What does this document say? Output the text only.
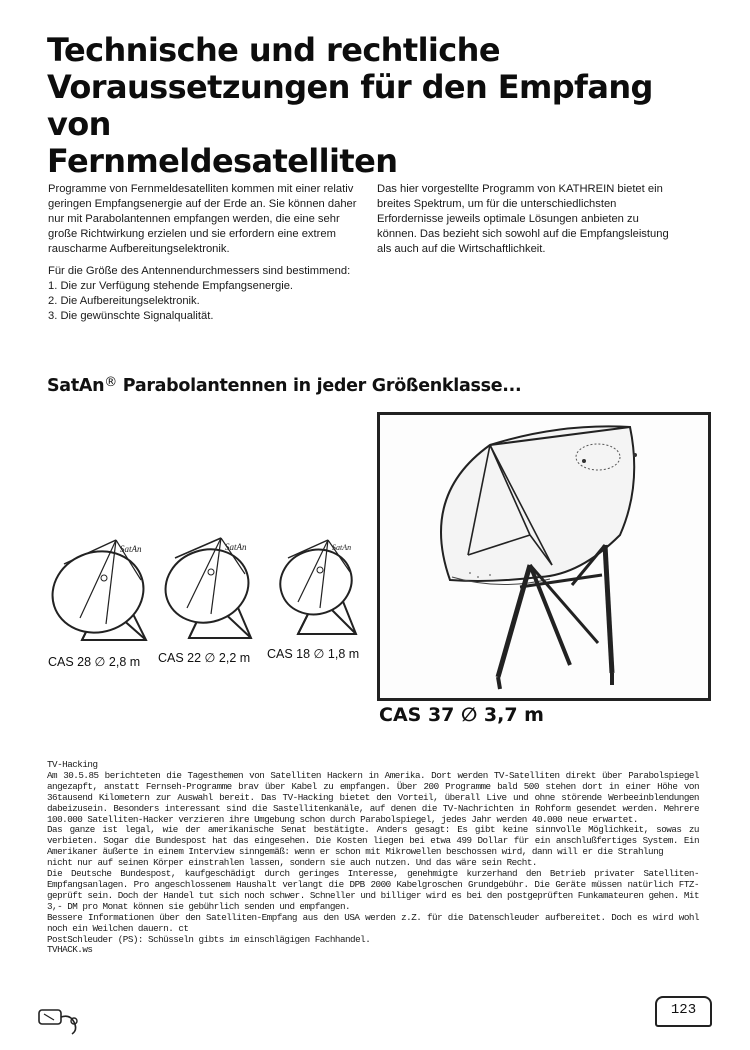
Technische und rechtliche
Voraussetzungen für den Empfang von
Fernmeldesatelliten

Programme von Fernmeldesatelliten kommen mit einer relativ geringen Empfangsenergie auf der Erde an. Sie können daher nur mit Parabolantennen empfangen werden, die eine sehr große Richtwirkung erzielen und sie erfordern eine extrem rauscharme Aufbereitungselektronik.

Für die Größe des Antennendurchmessers sind bestimmend:

1. Die zur Verfügung stehende Empfangsenergie.
2. Die Aufbereitungselektronik.
3. Die gewünschte Signalqualität.

Das hier vorgestellte Programm von KATHREIN bietet ein breites Spektrum, um für die unterschiedlichsten Erfordernisse jeweils optimale Lösungen anbieten zu können. Das bezieht sich sowohl auf die Empfangsleistung als auch auf die Wirtschaftlichkeit.

SatAn® Parabolantennen in jeder Größenklasse...
SatAn	SatAn	SatAn
CAS 28 ∅ 2,8 m CAS 22 ∅ 2,2 m CAS 18 ∅ 1,8 m
CAS 37 ∅ 3,7 m
TV-Hacking
Am 30.5.85 berichteten die Tagesthemen von Satelliten Hackern in Amerika. Dort werden TV-Satelliten direkt über Parabolspiegel angezapft, anstatt Fernseh-Programme brav über Kabel zu empfangen. Über 200 Programme bald 500 stehen dort in einer Höhe von 36tausend Kilometern zur Auswahl bereit. Das TV-Hacking bietet den Vorteil, überall Live und ohne störende Werbeeinblendungen dabeizusein. Besonders interessant sind die Sastellitenkanäle, auf denen die TV-Nachrichten in Rohform gesendet werden. Mehrere 100.000 Satelliten-Hacker verzieren ihre Umgebung schon durch Parabolspiegel, jedes Jahr werden 40.000 neue erwartet.
Das ganze ist legal, wie der amerikanische Senat bestätigte. Anders gesagt: Es gibt keine sinnvolle Möglichkeit, sowas zu verbieten. Sogar die Bundespost hat das eingesehen. Die Kosten liegen bei etwa 499 Dollar für ein anschlußfertiges System. Ein Amerikaner äußerte in einem Interview sinngemäß: wenn er schon mit Mikrowellen beschossen wird, dann will er die Strahlung
nicht nur auf seinen Körper einstrahlen lassen, sondern sie auch nutzen. Und das wäre sein Recht.
Die Deutsche Bundespost, kaufgeschädigt durch geringes Interesse, genehmigte kurzerhand den Betrieb privater Satelliten-Empfangsanlagen. Pro angeschlossenem Haushalt verlangt die DPB 2000 Kabelgroschen Grundgebühr. Die Geräte müssen natürlich FTZ-geprüft sein. Doch der Handel tut sich noch schwer. Schneller und billiger wird es bei den postgeprüften Funkamateuren gehen. Mit 3,- DM pro Monat können sie gebührlich senden und empfangen.
Bessere Informationen über den Satelliten-Empfang aus den USA werden z.Z. für die Datenschleuder aufbereitet. Doch es wird wohl noch ein Weilchen dauern. ct
PostSchleuder (PS): Schüsseln gibts im einschlägigen Fachhandel.
TVHACK.ws
123
